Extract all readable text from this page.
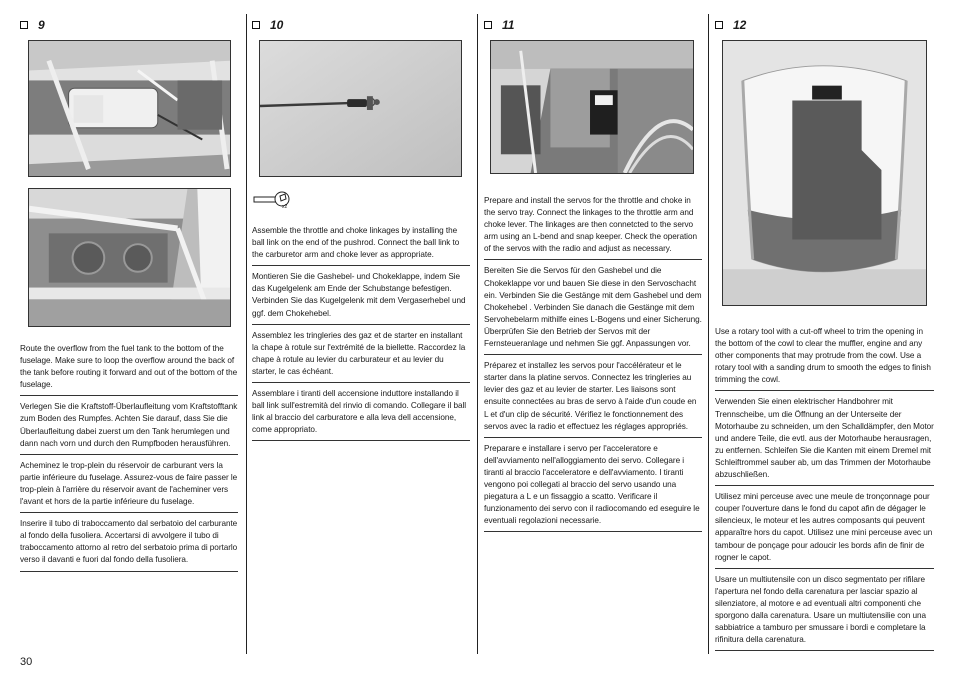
9
Route the overflow from the fuel tank to the bottom of the fuselage. Make sure to loop the overflow around the back of the tank before routing it forward and out of the bottom of the fuselage.
Verlegen Sie die Kraftstoff-Überlaufleitung vom Kraftstofftank zum Boden des Rumpfes. Achten Sie darauf, dass Sie die Überlaufleitung dabei zuerst um den Tank herumlegen und dann nach vorn und durch den Rumpfboden herausführen.
Acheminez le trop-plein du réservoir de carburant vers la partie inférieure du fuselage. Assurez-vous de faire passer le trop-plein à l'arrière du réservoir avant de l'acheminer vers l'avant et hors de la partie inférieure du fuselage.
Inserire il tubo di traboccamento dal serbatoio del carburante al fondo della fusoliera. Accertarsi di avvolgere il tubo di traboccamento attorno al retro del serbatoio prima di portarlo verso il davanti e fuori dal fondo della fusoliera.
10
x2
Assemble the throttle and choke linkages by installing the ball link on the end of the pushrod. Connect the ball link to the carburetor arm and choke lever as appropriate.
Montieren Sie die Gashebel- und Chokeklappe, indem Sie das Kugelgelenk am Ende der Schubstange befestigen. Verbinden Sie das Kugelgelenk mit dem Vergaserhebel und ggf. dem Chokehebel.
Assemblez les tringleries des gaz et de starter en installant la chape à rotule sur l'extrémité de la biellette. Raccordez la chape à rotule au levier du carburateur et au levier du starter, le cas échéant.
Assemblare i tiranti dell accensione induttore installando il ball link sull'estremità del rinvio di comando. Collegare il ball link al braccio del carburatore e alla leva dell accensione, come appropriato.
11
Prepare and install the servos for the throttle and choke in the servo tray. Connect the linkages to the throttle arm and choke lever. The linkages are then connetcted to the servo arm using an L-bend and snap keeper. Check the operation of the servos with the radio and adjust as necessary.
Bereiten Sie die Servos für den Gashebel und die Chokeklappe vor und bauen Sie diese in den Servoschacht ein. Verbinden Sie die Gestänge mit dem Gashebel und dem Chokehebel . Verbinden Sie danach die Gestänge mit dem Servohebelarm mithilfe eines L-Bogens und einer Sicherung. Überprüfen Sie den Betrieb der Servos mit der Fernsteueranlage und nehmen Sie ggf. Anpassungen vor.
Préparez et installez les servos pour l'accélérateur et le starter dans la platine servos. Connectez les tringleries au levier des gaz et au levier de starter. Les liaisons sont ensuite connectées au bras de servo à l'aide d'un coude en L et d'un clip de sécurité. Vérifiez le fonctionnement des servos avec la radio et effectuez les réglages appropriés.
Preparare e installare i servo per l'acceleratore e dell'avviamento nell'alloggiamento dei servo. Collegare i tiranti al braccio l'acceleratore e dell'avviamento. I tiranti vengono poi collegati al braccio del servo usando una piegatura a L e un fissaggio a scatto. Verificare il funzionamento dei servo con il radiocomando ed eseguire le eventuali regolazioni necessarie.
12
Use a rotary tool with a cut-off wheel to trim the opening in the bottom of the cowl to clear the muffler, engine and any other components that may protrude from the cowl. Use a rotary tool with a sanding drum to smooth the edges to finish trimming the cowl.
Verwenden Sie einen elektrischer Handbohrer mit Trennscheibe, um die Öffnung an der Unterseite der Motorhaube zu schneiden, um den Schalldämpfer, den Motor und andere Teile, die evtl. aus der Motorhaube herausragen, zu entfernen. Schleifen Sie die Kanten mit einem Dremel mit Schleiftrommel sauber ab, um das Trimmen der Motorhaube abzuschließen.
Utilisez mini perceuse avec une meule de tronçonnage pour couper l'ouverture dans le fond du capot afin de dégager le silencieux, le moteur et les autres composants qui peuvent apparaître hors du capot. Utilisez une mini perceuse avec un tambour de ponçage pour adoucir les bords afin de finir de rogner le capot.
Usare un multiutensile con un disco segmentato per rifilare l'apertura nel fondo della carenatura per lasciar spazio al silenziatore, al motore e ad eventuali altri componenti che sporgono dalla carenatura. Usare un multiutensilie con una sabbiatrice a tamburo per smussare i bordi e completare la rifinitura della carenatura.
30
